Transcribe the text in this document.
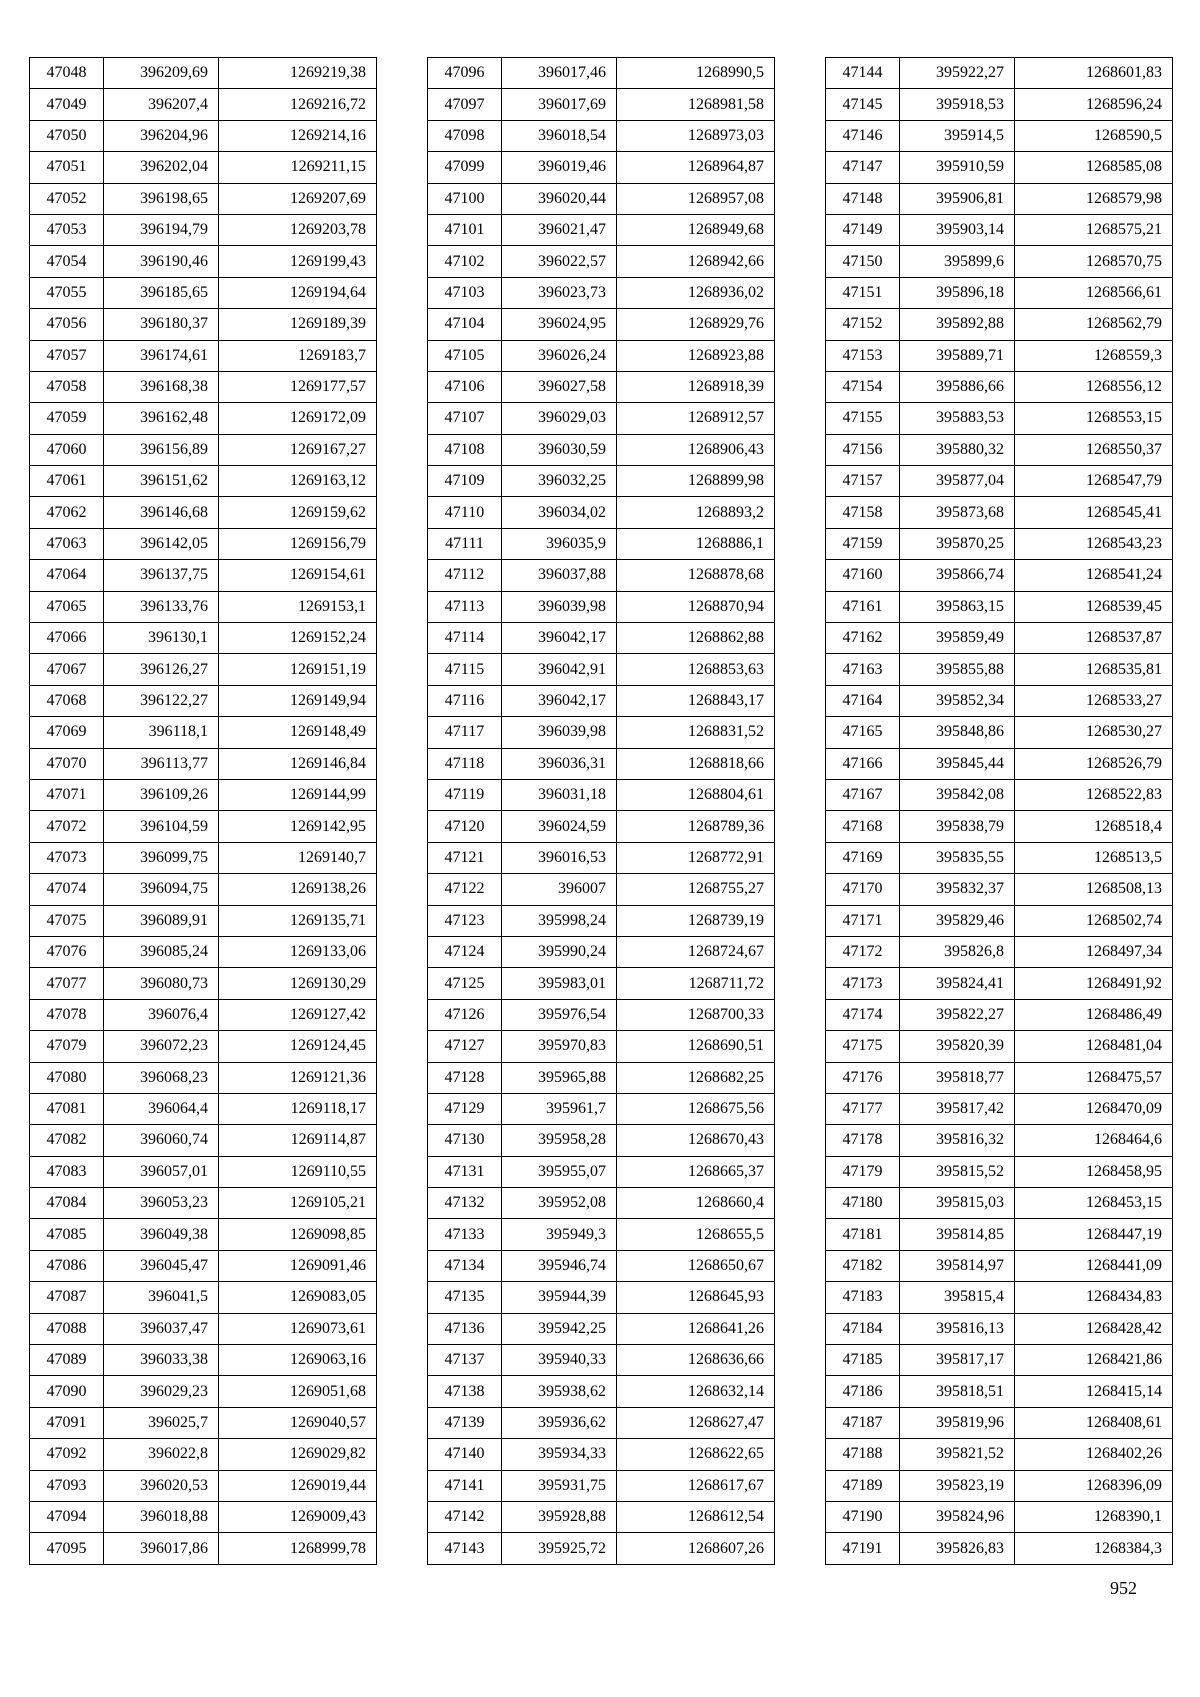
47048	396209,69	1269219,38
47049	396207,4	1269216,72
47050	396204,96	1269214,16
47051	396202,04	1269211,15
47052	396198,65	1269207,69
47053	396194,79	1269203,78
47054	396190,46	1269199,43
47055	396185,65	1269194,64
47056	396180,37	1269189,39
47057	396174,61	1269183,7
47058	396168,38	1269177,57
47059	396162,48	1269172,09
47060	396156,89	1269167,27
47061	396151,62	1269163,12
47062	396146,68	1269159,62
47063	396142,05	1269156,79
47064	396137,75	1269154,61
47065	396133,76	1269153,1
47066	396130,1	1269152,24
47067	396126,27	1269151,19
47068	396122,27	1269149,94
47069	396118,1	1269148,49
47070	396113,77	1269146,84
47071	396109,26	1269144,99
47072	396104,59	1269142,95
47073	396099,75	1269140,7
47074	396094,75	1269138,26
47075	396089,91	1269135,71
47076	396085,24	1269133,06
47077	396080,73	1269130,29
47078	396076,4	1269127,42
47079	396072,23	1269124,45
47080	396068,23	1269121,36
47081	396064,4	1269118,17
47082	396060,74	1269114,87
47083	396057,01	1269110,55
47084	396053,23	1269105,21
47085	396049,38	1269098,85
47086	396045,47	1269091,46
47087	396041,5	1269083,05
47088	396037,47	1269073,61
47089	396033,38	1269063,16
47090	396029,23	1269051,68
47091	396025,7	1269040,57
47092	396022,8	1269029,82
47093	396020,53	1269019,44
47094	396018,88	1269009,43
47095	396017,86	1268999,78
47096	396017,46	1268990,5
47097	396017,69	1268981,58
47098	396018,54	1268973,03
47099	396019,46	1268964,87
47100	396020,44	1268957,08
47101	396021,47	1268949,68
47102	396022,57	1268942,66
47103	396023,73	1268936,02
47104	396024,95	1268929,76
47105	396026,24	1268923,88
47106	396027,58	1268918,39
47107	396029,03	1268912,57
47108	396030,59	1268906,43
47109	396032,25	1268899,98
47110	396034,02	1268893,2
47111	396035,9	1268886,1
47112	396037,88	1268878,68
47113	396039,98	1268870,94
47114	396042,17	1268862,88
47115	396042,91	1268853,63
47116	396042,17	1268843,17
47117	396039,98	1268831,52
47118	396036,31	1268818,66
47119	396031,18	1268804,61
47120	396024,59	1268789,36
47121	396016,53	1268772,91
47122	396007	1268755,27
47123	395998,24	1268739,19
47124	395990,24	1268724,67
47125	395983,01	1268711,72
47126	395976,54	1268700,33
47127	395970,83	1268690,51
47128	395965,88	1268682,25
47129	395961,7	1268675,56
47130	395958,28	1268670,43
47131	395955,07	1268665,37
47132	395952,08	1268660,4
47133	395949,3	1268655,5
47134	395946,74	1268650,67
47135	395944,39	1268645,93
47136	395942,25	1268641,26
47137	395940,33	1268636,66
47138	395938,62	1268632,14
47139	395936,62	1268627,47
47140	395934,33	1268622,65
47141	395931,75	1268617,67
47142	395928,88	1268612,54
47143	395925,72	1268607,26
47144	395922,27	1268601,83
47145	395918,53	1268596,24
47146	395914,5	1268590,5
47147	395910,59	1268585,08
47148	395906,81	1268579,98
47149	395903,14	1268575,21
47150	395899,6	1268570,75
47151	395896,18	1268566,61
47152	395892,88	1268562,79
47153	395889,71	1268559,3
47154	395886,66	1268556,12
47155	395883,53	1268553,15
47156	395880,32	1268550,37
47157	395877,04	1268547,79
47158	395873,68	1268545,41
47159	395870,25	1268543,23
47160	395866,74	1268541,24
47161	395863,15	1268539,45
47162	395859,49	1268537,87
47163	395855,88	1268535,81
47164	395852,34	1268533,27
47165	395848,86	1268530,27
47166	395845,44	1268526,79
47167	395842,08	1268522,83
47168	395838,79	1268518,4
47169	395835,55	1268513,5
47170	395832,37	1268508,13
47171	395829,46	1268502,74
47172	395826,8	1268497,34
47173	395824,41	1268491,92
47174	395822,27	1268486,49
47175	395820,39	1268481,04
47176	395818,77	1268475,57
47177	395817,42	1268470,09
47178	395816,32	1268464,6
47179	395815,52	1268458,95
47180	395815,03	1268453,15
47181	395814,85	1268447,19
47182	395814,97	1268441,09
47183	395815,4	1268434,83
47184	395816,13	1268428,42
47185	395817,17	1268421,86
47186	395818,51	1268415,14
47187	395819,96	1268408,61
47188	395821,52	1268402,26
47189	395823,19	1268396,09
47190	395824,96	1268390,1
47191	395826,83	1268384,3
952
